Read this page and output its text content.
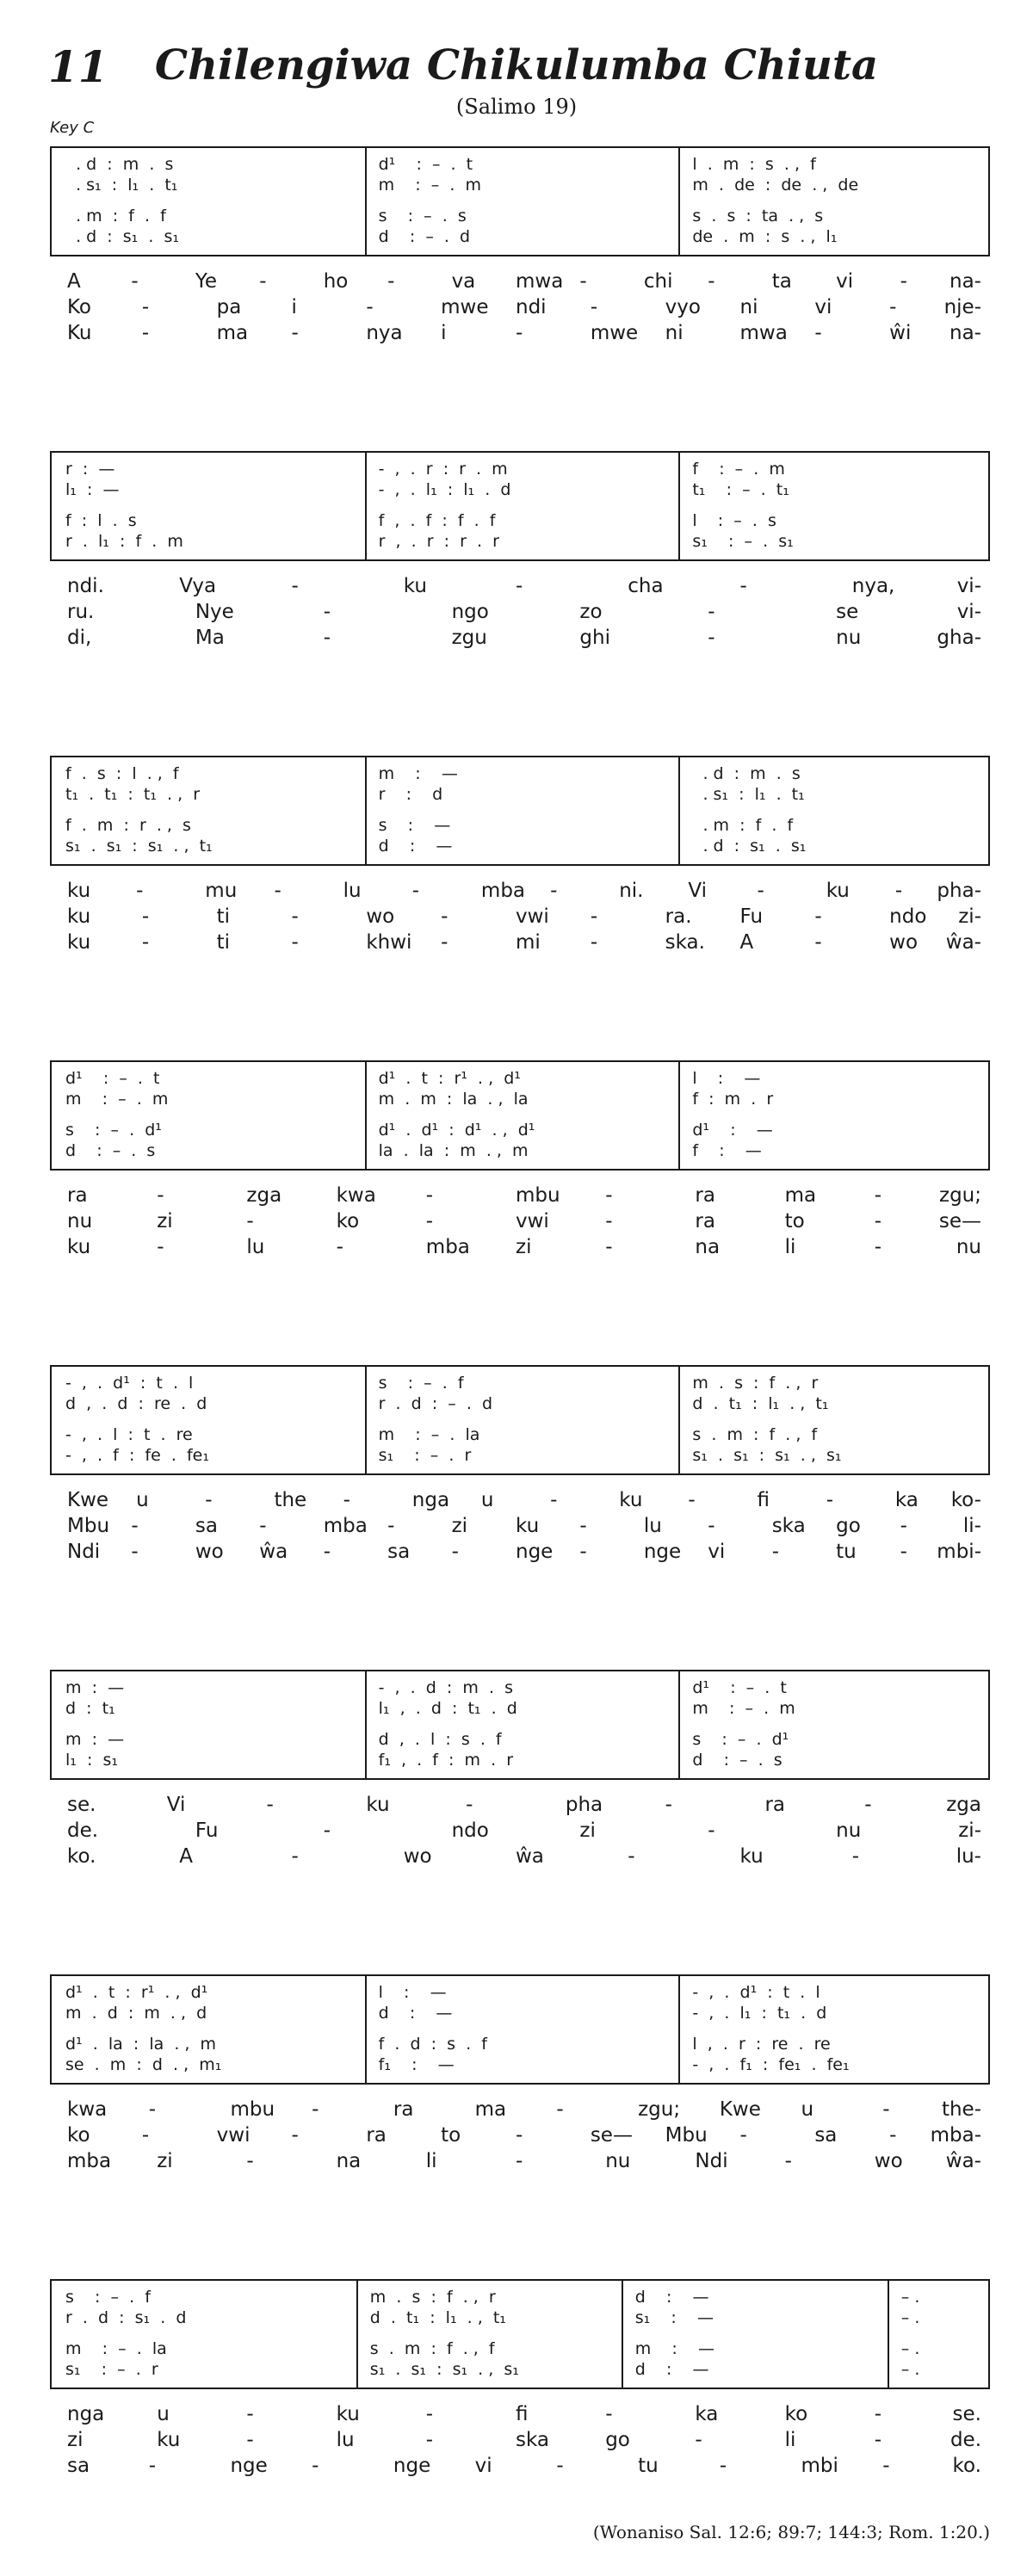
11	Chilengiwa Chikulumba Chiuta
(Salimo 19)
Key C
. d  :  m  .  s	d¹    :  –  .  t	l  .  m  :  s  . ,  f
. s₁  :  l₁  .  t₁	m    :  –  .  m	m  .  de  :  de  . ,  de
. m  :  f  .  f	s    :  –  .  s	s  .  s  :  ta  . ,  s
. d  :  s₁  .  s₁	d    :  –  .  d	de  .  m  :  s  . ,  l₁
A	-	Ye -	ho -	va mwa -	chi -	ta vi - na-
Ko	-	pa	i	-	mwe ndi -	vyo ni	vi	- nje-
Ku	-	ma -	nya i	-	mwe ni	mwa -	ŵi na-
r  :  —	-  ,  .  r  :  r  .  m	f    :  –  .  m
l₁  :  —	-  ,  .  l₁  :  l₁  .  d	t₁    :  –  .  t₁
f  :  l  .  s	f  ,  .  f  :  f  .  f	l    :  –  .  s
r  .  l₁  :  f  .  m	r  ,  .  r  :  r  .  r	s₁    :  –  .  s₁
ndi.	Vya	-	ku	-	cha	-	nya,	vi-
ru.	Nye	-	ngo	zo	-	se	vi-
di,	Ma	-	zgu	ghi	-	nu	gha-
f  .  s  :  l  . ,  f	m    :    —	. d  :  m  .  s
t₁  .  t₁  :  t₁  . ,  r	r    :    d	. s₁  :  l₁  .  t₁
f  .  m  :  r  . ,  s	s    :    —	. m  :  f  .  f
s₁  .  s₁  :  s₁  . ,  t₁	d    :    —	. d  :  s₁  .  s₁
ku -	mu -	lu	-	mba -	ni. Vi	-	ku - pha-
ku	-	ti	-	wo -	vwi -	ra. Fu	-	ndo zi-
ku	-	ti	-	khwi -	mi	-	ska. A	-	wo ŵa-
d¹    :  –  .  t	d¹  .  t  :  r¹  . ,  d¹	l    :    —
m    :  –  .  m	m  .  m  :  la  . ,  la	f  :  m  .  r
s    :  –  .  d¹	d¹  .  d¹  :  d¹  . ,  d¹	d¹    :    —
d    :  –  .  s	la  .  la  :  m  . ,  m	f    :    —
ra	-	zga	kwa	-	mbu -	ra	ma	-	zgu;
nu	zi	-	ko	-	vwi	-	ra	to	-	se—
ku	-	lu	-	mba zi	-	na	li	-	nu
-  ,  .  d¹  :  t  .  l	s    :  –  .  f	m  .  s  :  f  . ,  r
d  ,  .  d  :  re  .  d	r  .  d  :  –  .  d	d  .  t₁  :  l₁  . ,  t₁
-  ,  .  l  :  t  .  re	m    :  –  .  la	s  .  m  :  f  . ,  f
-  ,  .  f  :  fe  .  fe₁	s₁    :  –  .  r	s₁  .  s₁  :  s₁  . ,  s₁
Kwe u	-	the -	nga u	-	ku -	fi	-	ka ko-
Mbu -	sa -	mba -	zi ku -	lu -	ska go -	li-
Ndi -	wo ŵa -	sa -	nge -	nge vi -	tu - mbi-
m  :  —	-  ,  .  d  :  m  .  s	d¹    :  –  .  t
d  :  t₁	l₁  ,  .  d  :  t₁  .  d	m    :  –  .  m
m  :  —	d  ,  .  l  :  s  .  f	s    :  –  .  d¹
l₁  :  s₁	f₁  ,  .  f  :  m  .  r	d    :  –  .  s
se.	Vi	-	ku	-	pha	-	ra	-	zga
de.	Fu	-	ndo	zi	-	nu	zi-
ko.	A	-	wo	ŵa	-	ku	-	lu-
d¹  .  t  :  r¹  . ,  d¹	l    :    —	-  ,  .  d¹  :  t  .  l
m  .  d  :  m  . ,  d	d    :    —	-  ,  .  l₁  :  t₁  .  d
d¹  .  la  :  la  . ,  m	f  .  d  :  s  .  f	l  ,  .  r  :  re  .  re
se  .  m  :  d  . ,  m₁	f₁    :    —	-  ,  .  f₁  :  fe₁  .  fe₁
kwa -	mbu -	ra	ma	-	zgu; Kwe u	-	the-
ko	-	vwi -	ra	to	-	se— Mbu -	sa	- mba-
mba zi	-	na	li	-	nu	Ndi	-	wo ŵa-
s    :  –  .  f	m  .  s  :  f  . ,  r	d    :    —	– .
r  .  d  :  s₁  .  d	d  .  t₁  :  l₁  . ,  t₁	s₁    :    —	– .
m    :  –  .  la	s  .  m  :  f  . ,  f	m    :    —	– .
s₁    :  –  .  r	s₁  .  s₁  :  s₁  . ,  s₁	d    :    —	– .
nga	u	-	ku	-	fi	-	ka	ko	-	se.
zi	ku	-	lu	-	ska	go	-	li	-	de.
sa	-	nge -	nge vi	-	tu	-	mbi -	ko.
(Wonaniso Sal. 12:6; 89:7; 144:3; Rom. 1:20.)
